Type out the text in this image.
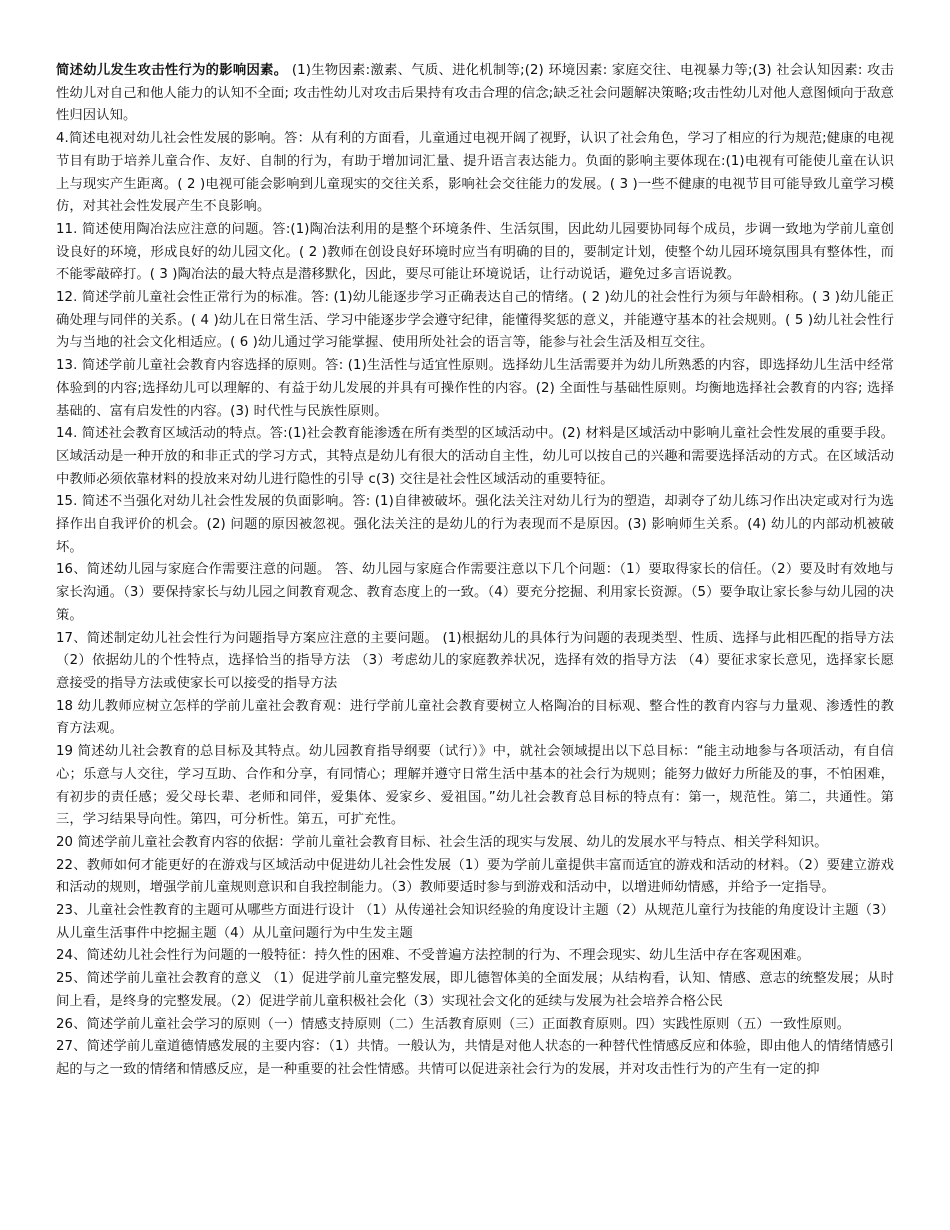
简述幼儿发生攻击性行为的影响因素。 (1)生物因素:激素、气质、进化机制等;(2) 环境因素: 家庭交往、电视暴力等;(3) 社会认知因素: 攻击性幼儿对自己和他人能力的认知不全面; 攻击性幼儿对攻击后果持有攻击合理的信念;缺乏社会问题解决策略;攻击性幼儿对他人意图倾向于敌意性归因认知。

4.简述电视对幼儿社会性发展的影响。答：从有利的方面看，儿童通过电视开阔了视野，认识了社会角色，学习了相应的行为规范;健康的电视节目有助于培养儿童合作、友好、自制的行为，有助于增加词汇量、提升语言表达能力。负面的影响主要体现在:(1)电视有可能使儿童在认识上与现实产生距离。( 2 )电视可能会影响到儿童现实的交往关系，影响社会交往能力的发展。( 3 )一些不健康的电视节目可能导致儿童学习模仿，对其社会性发展产生不良影响。

11. 简述使用陶冶法应注意的问题。答:(1)陶冶法利用的是整个环境条件、生活氛围，因此幼儿园要协同每个成员，步调一致地为学前儿童创设良好的环境，形成良好的幼儿园文化。( 2 )教师在创设良好环境时应当有明确的目的，要制定计划，使整个幼儿园环境氛围具有整体性，而不能零敲碎打。( 3 )陶冶法的最大特点是潜移默化，因此，要尽可能让环境说话，让行动说话，避免过多言语说教。

12. 简述学前儿童社会性正常行为的标准。答: (1)幼儿能逐步学习正确表达自己的情绪。( 2 )幼儿的社会性行为须与年龄相称。( 3 )幼儿能正确处理与同伴的关系。( 4 )幼儿在日常生活、学习中能逐步学会遵守纪律，能懂得奖惩的意义，并能遵守基本的社会规则。( 5 )幼儿社会性行为与当地的社会文化相适应。( 6 )幼儿通过学习能掌握、使用所处社会的语言等，能参与社会生活及相互交往。

13. 简述学前儿童社会教育内容选择的原则。答: (1)生活性与适宜性原则。选择幼儿生活需要并为幼儿所熟悉的内容，即选择幼儿生活中经常体验到的内容;选择幼儿可以理解的、有益于幼儿发展的并具有可操作性的内容。(2) 全面性与基础性原则。均衡地选择社会教育的内容; 选择基础的、富有启发性的内容。(3) 时代性与民族性原则。

14. 简述社会教育区域活动的特点。答:(1)社会教育能渗透在所有类型的区域活动中。(2) 材料是区域活动中影响儿童社会性发展的重要手段。区域活动是一种开放的和非正式的学习方式，其特点是幼儿有很大的活动自主性，幼儿可以按自己的兴趣和需要选择活动的方式。在区域活动中教师必须依靠材料的投放来对幼儿进行隐性的引导 c(3) 交往是社会性区域活动的重要特征。

15. 简述不当强化对幼儿社会性发展的负面影响。答: (1)自律被破坏。强化法关注对幼儿行为的塑造，却剥夺了幼儿练习作出决定或对行为选择作出自我评价的机会。(2) 问题的原因被忽视。强化法关注的是幼儿的行为表现而不是原因。(3) 影响师生关系。(4) 幼儿的内部动机被破坏。

16、简述幼儿园与家庭合作需要注意的问题。 答、幼儿园与家庭合作需要注意以下几个问题：（1）要取得家长的信任。（2）要及时有效地与家长沟通。（3）要保持家长与幼儿园之间教育观念、教育态度上的一致。（4）要充分挖掘、利用家长资源。（5）要争取让家长参与幼儿园的决策。

17、简述制定幼儿社会性行为问题指导方案应注意的主要问题。 (1)根据幼儿的具体行为问题的表现类型、性质、选择与此相匹配的指导方法 （2）依据幼儿的个性特点，选择恰当的指导方法 （3）考虑幼儿的家庭教养状况，选择有效的指导方法 （4）要征求家长意见，选择家长愿意接受的指导方法或使家长可以接受的指导方法

18 幼儿教师应树立怎样的学前儿童社会教育观：进行学前儿童社会教育要树立人格陶冶的目标观、整合性的教育内容与力量观、渗透性的教育方法观。

19 简述幼儿社会教育的总目标及其特点。幼儿园教育指导纲要（试行）》中，就社会领域提出以下总目标：“能主动地参与各项活动，有自信心；乐意与人交往，学习互助、合作和分享，有同情心；理解并遵守日常生活中基本的社会行为规则；能努力做好力所能及的事，不怕困难，有初步的责任感；爱父母长辈、老师和同伴，爱集体、爱家乡、爱祖国。”幼儿社会教育总目标的特点有：第一，规范性。第二，共通性。第三，学习结果导向性。第四，可分析性。第五，可扩充性。

20 简述学前儿童社会教育内容的依据：学前儿童社会教育目标、社会生活的现实与发展、幼儿的发展水平与特点、相关学科知识。

22、教师如何才能更好的在游戏与区域活动中促进幼儿社会性发展（1）要为学前儿童提供丰富而适宜的游戏和活动的材料。（2）要建立游戏和活动的规则，增强学前儿童规则意识和自我控制能力。（3）教师要适时参与到游戏和活动中，以增进师幼情感，并给予一定指导。

23、儿童社会性教育的主题可从哪些方面进行设计 （1）从传递社会知识经验的角度设计主题（2）从规范儿童行为技能的角度设计主题（3）从儿童生活事件中挖掘主题（4）从儿童问题行为中生发主题

24、简述幼儿社会性行为问题的一般特征：持久性的困难、不受普遍方法控制的行为、不理会现实、幼儿生活中存在客观困难。

25、简述学前儿童社会教育的意义 （1）促进学前儿童完整发展，即儿德智体美的全面发展；从结构看，认知、情感、意志的统整发展；从时间上看，是终身的完整发展。（2）促进学前儿童积极社会化（3）实现社会文化的延续与发展为社会培养合格公民

26、简述学前儿童社会学习的原则（一）情感支持原则（二）生活教育原则（三）正面教育原则。四）实践性原则（五）一致性原则。

27、简述学前儿童道德情感发展的主要内容：（1）共情。一般认为，共情是对他人状态的一种替代性情感反应和体验，即由他人的情绪情感引起的与之一致的情绪和情感反应，是一种重要的社会性情感。共情可以促进亲社会行为的发展，并对攻击性行为的产生有一定的抑
